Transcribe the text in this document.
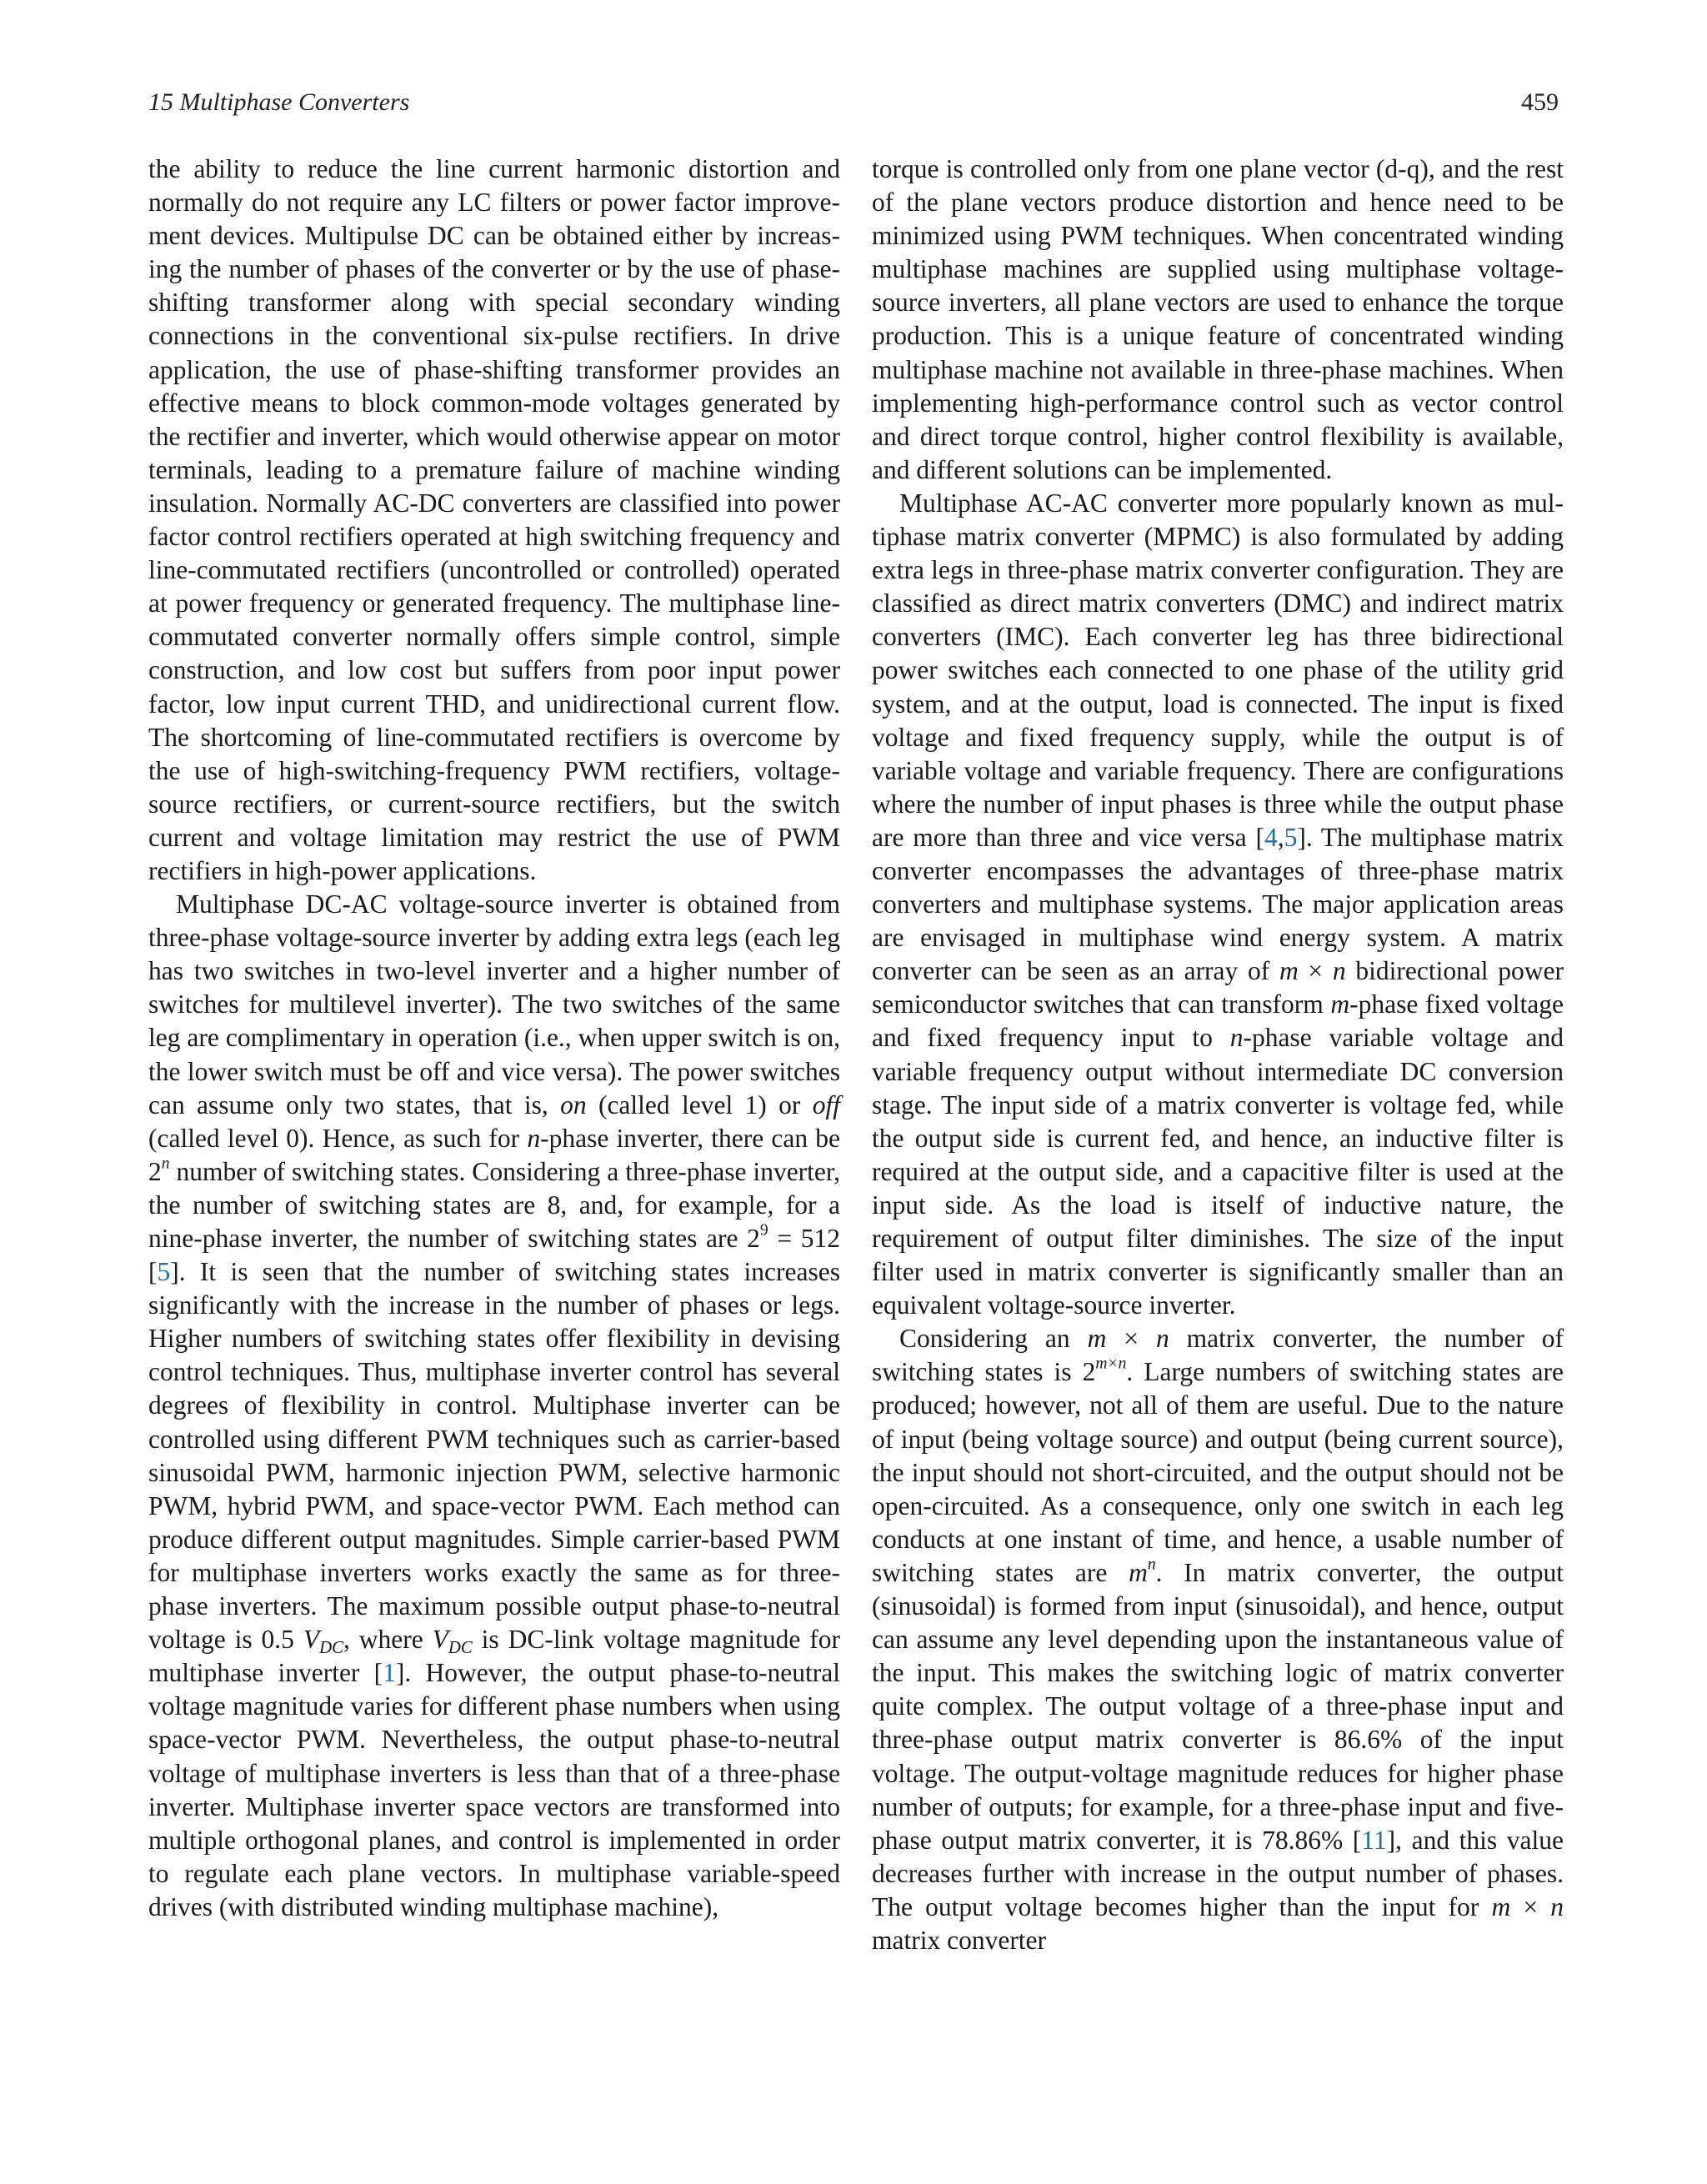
15 Multiphase Converters	459

the ability to reduce the line current harmonic distortion and normally do not require any LC filters or power factor improvement devices. Multipulse DC can be obtained either by increasing the number of phases of the converter or by the use of phase-shifting transformer along with special secondary winding connections in the conventional six-pulse rectifiers. In drive application, the use of phase-shifting transformer provides an effective means to block common-mode voltages generated by the rectifier and inverter, which would otherwise appear on motor terminals, leading to a premature failure of machine winding insulation. Normally AC-DC converters are classified into power factor control rectifiers operated at high switching frequency and line-commutated rectifiers (uncontrolled or controlled) operated at power frequency or generated frequency. The multiphase line-commutated converter normally offers simple control, simple construction, and low cost but suffers from poor input power factor, low input current THD, and unidirectional current flow. The shortcoming of line-commutated rectifiers is overcome by the use of high-switching-frequency PWM rectifiers, voltage-source rectifiers, or current-source rectifiers, but the switch current and voltage limitation may restrict the use of PWM rectifiers in high-power applications.

Multiphase DC-AC voltage-source inverter is obtained from three-phase voltage-source inverter by adding extra legs (each leg has two switches in two-level inverter and a higher number of switches for multilevel inverter). The two switches of the same leg are complimentary in operation (i.e., when upper switch is on, the lower switch must be off and vice versa). The power switches can assume only two states, that is, on (called level 1) or off (called level 0). Hence, as such for n-phase inverter, there can be 2$^n$ number of switching states. Considering a three-phase inverter, the number of switching states are 8, and, for example, for a nine-phase inverter, the number of switching states are $2^9 = 512$ [5]. It is seen that the number of switching states increases significantly with the increase in the number of phases or legs. Higher numbers of switching states offer flexibility in devising control techniques. Thus, multiphase inverter control has several degrees of flexibility in control. Multiphase inverter can be controlled using different PWM techniques such as carrier-based sinusoidal PWM, harmonic injection PWM, selective harmonic PWM, hybrid PWM, and space-vector PWM. Each method can produce different output magnitudes. Simple carrier-based PWM for multiphase inverters works exactly the same as for three-phase inverters. The maximum possible output phase-to-neutral voltage is 0.5 $V_{DC}$, where $V_{DC}$ is DC-link voltage magnitude for multiphase inverter [1]. However, the output phase-to-neutral voltage magnitude varies for different phase numbers when using space-vector PWM. Nevertheless, the output phase-to-neutral voltage of multiphase inverters is less than that of a three-phase inverter. Multiphase inverter space vectors are transformed into multiple orthogonal planes, and control is implemented in order to regulate each plane vectors. In multiphase variable-speed drives (with distributed winding multiphase machine),

torque is controlled only from one plane vector (d-q), and the rest of the plane vectors produce distortion and hence need to be minimized using PWM techniques. When concentrated winding multiphase machines are supplied using multiphase voltage-source inverters, all plane vectors are used to enhance the torque production. This is a unique feature of concentrated winding multiphase machine not available in three-phase machines. When implementing high-performance control such as vector control and direct torque control, higher control flexibility is available, and different solutions can be implemented.

Multiphase AC-AC converter more popularly known as multiphase matrix converter (MPMC) is also formulated by adding extra legs in three-phase matrix converter configuration. They are classified as direct matrix converters (DMC) and indirect matrix converters (IMC). Each converter leg has three bidirectional power switches each connected to one phase of the utility grid system, and at the output, load is connected. The input is fixed voltage and fixed frequency supply, while the output is of variable voltage and variable frequency. There are configurations where the number of input phases is three while the output phase are more than three and vice versa [4,5]. The multiphase matrix converter encompasses the advantages of three-phase matrix converters and multiphase systems. The major application areas are envisaged in multiphase wind energy system. A matrix converter can be seen as an array of m × n bidirectional power semiconductor switches that can transform m-phase fixed voltage and fixed frequency input to n-phase variable voltage and variable frequency output without intermediate DC conversion stage. The input side of a matrix converter is voltage fed, while the output side is current fed, and hence, an inductive filter is required at the output side, and a capacitive filter is used at the input side. As the load is itself of inductive nature, the requirement of output filter diminishes. The size of the input filter used in matrix converter is significantly smaller than an equivalent voltage-source inverter.

Considering an m × n matrix converter, the number of switching states is $2^{m\times n}$. Large numbers of switching states are produced; however, not all of them are useful. Due to the nature of input (being voltage source) and output (being current source), the input should not short-circuited, and the output should not be open-circuited. As a consequence, only one switch in each leg conducts at one instant of time, and hence, a usable number of switching states are $m^n$. In matrix converter, the output (sinusoidal) is formed from input (sinusoidal), and hence, output can assume any level depending upon the instantaneous value of the input. This makes the switching logic of matrix converter quite complex. The output voltage of a three-phase input and three-phase output matrix converter is 86.6% of the input voltage. The output-voltage magnitude reduces for higher phase number of outputs; for example, for a three-phase input and five-phase output matrix converter, it is 78.86% [11], and this value decreases further with increase in the output number of phases. The output voltage becomes higher than the input for m × n matrix converter
